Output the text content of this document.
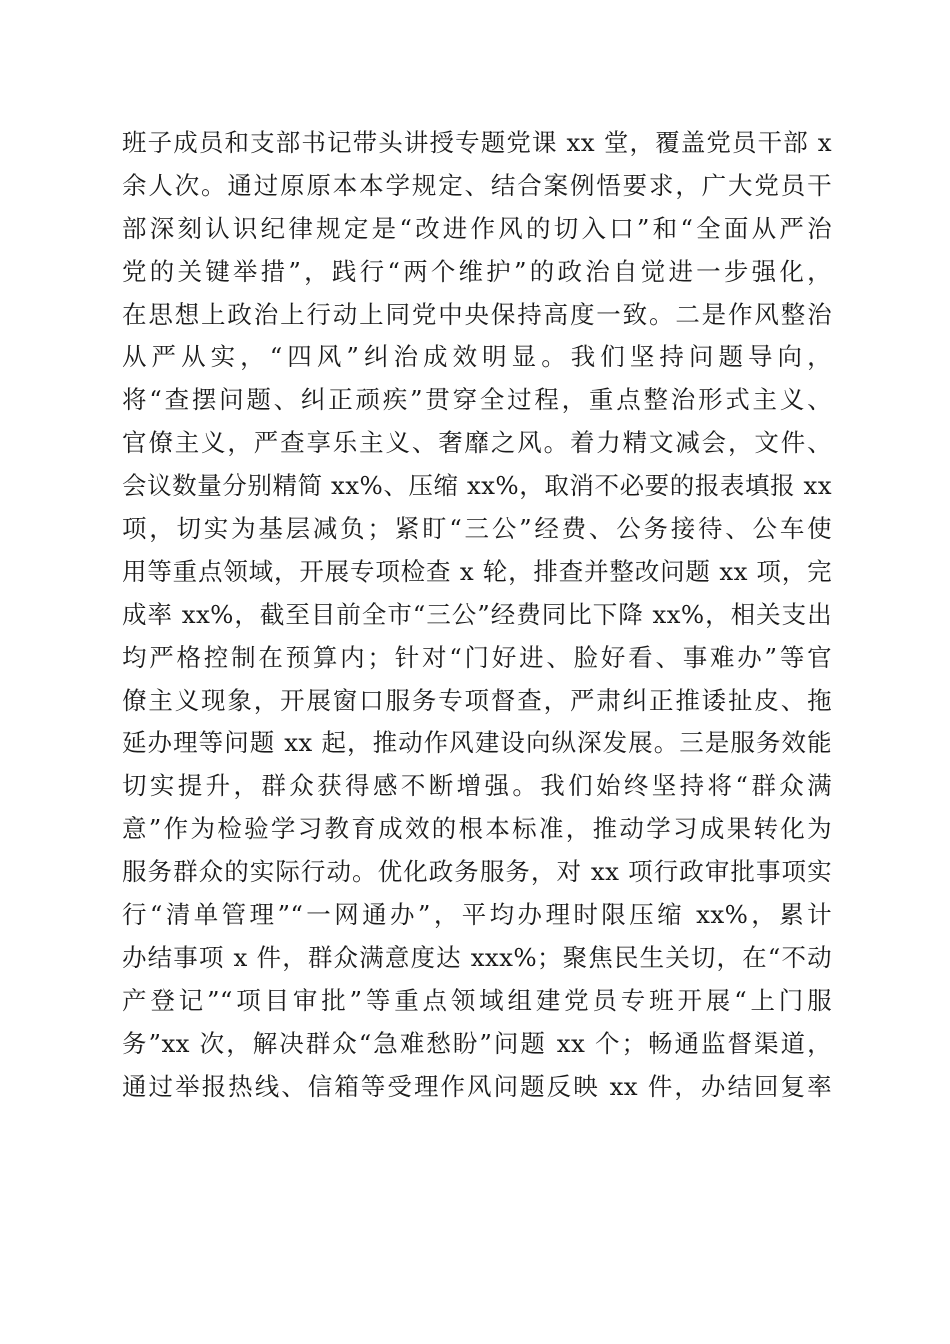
班子成员和支部书记带头讲授专题党课 xx 堂，覆盖党员干部 x
余人次。通过原原本本学规定、结合案例悟要求，广大党员干
部深刻认识纪律规定是“改进作风的切入口”和“全面从严治
党的关键举措”，践行“两个维护”的政治自觉进一步强化，
在思想上政治上行动上同党中央保持高度一致。二是作风整治
从严从实，“四风”纠治成效明显。我们坚持问题导向，
将“查摆问题、纠正顽疾”贯穿全过程，重点整治形式主义、
官僚主义，严查享乐主义、奢靡之风。着力精文减会，文件、
会议数量分别精简 xx%、压缩 xx%，取消不必要的报表填报 xx
项，切实为基层减负；紧盯“三公”经费、公务接待、公车使
用等重点领域，开展专项检查 x 轮，排查并整改问题 xx 项，完
成率 xx%，截至目前全市“三公”经费同比下降 xx%，相关支出
均严格控制在预算内；针对“门好进、脸好看、事难办”等官
僚主义现象，开展窗口服务专项督查，严肃纠正推诿扯皮、拖
延办理等问题 xx 起，推动作风建设向纵深发展。三是服务效能
切实提升，群众获得感不断增强。我们始终坚持将“群众满
意”作为检验学习教育成效的根本标准，推动学习成果转化为
服务群众的实际行动。优化政务服务，对 xx 项行政审批事项实
行“清单管理”“一网通办”，平均办理时限压缩 xx%，累计
办结事项 x 件，群众满意度达 xxx%；聚焦民生关切，在“不动
产登记”“项目审批”等重点领域组建党员专班开展“上门服
务”xx 次，解决群众“急难愁盼”问题 xx 个；畅通监督渠道，
通过举报热线、信箱等受理作风问题反映 xx 件，办结回复率
